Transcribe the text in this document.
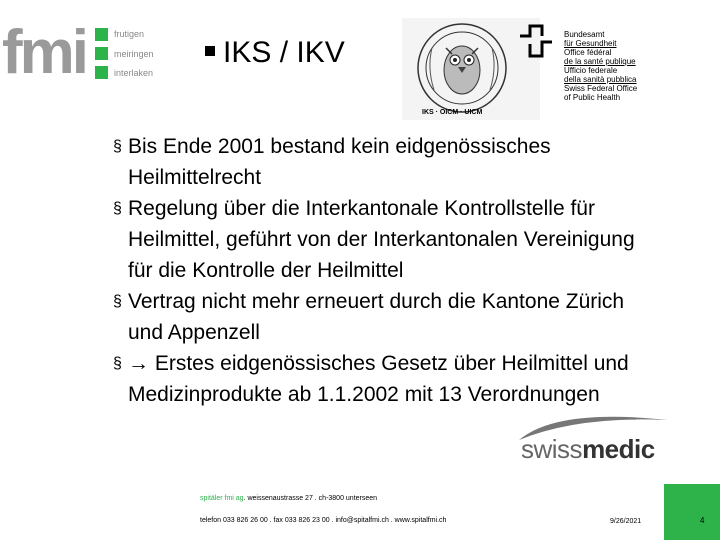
fmi	frutigen
meiringen
interlaken
IKS / IKV
IKS · OICM · UICM
Bundesamt
für Gesundheit
Office fédéral
de la santé publique
Ufficio federale
della sanità pubblica
Swiss Federal Office
of Public Health
§ Bis Ende 2001 bestand kein eidgenössisches
Heilmittelrecht
§ Regelung über die Interkantonale Kontrollstelle für
Heilmittel, geführt von der Interkantonalen Vereinigung
für die Kontrolle der Heilmittel
§ Vertrag nicht mehr erneuert durch die Kantone Zürich
und Appenzell
§ → Erstes eidgenössisches Gesetz über Heilmittel und
Medizinprodukte ab 1.1.2002 mit 13 Verordnungen
swissmedic
spitäler fmi ag. weissenaustrasse 27 . ch-3800 unterseen
telefon 033 826 26 00 . fax 033 826 23 00 . info@spitalfmi.ch . www.spitalfmi.ch	9/26/2021	4
